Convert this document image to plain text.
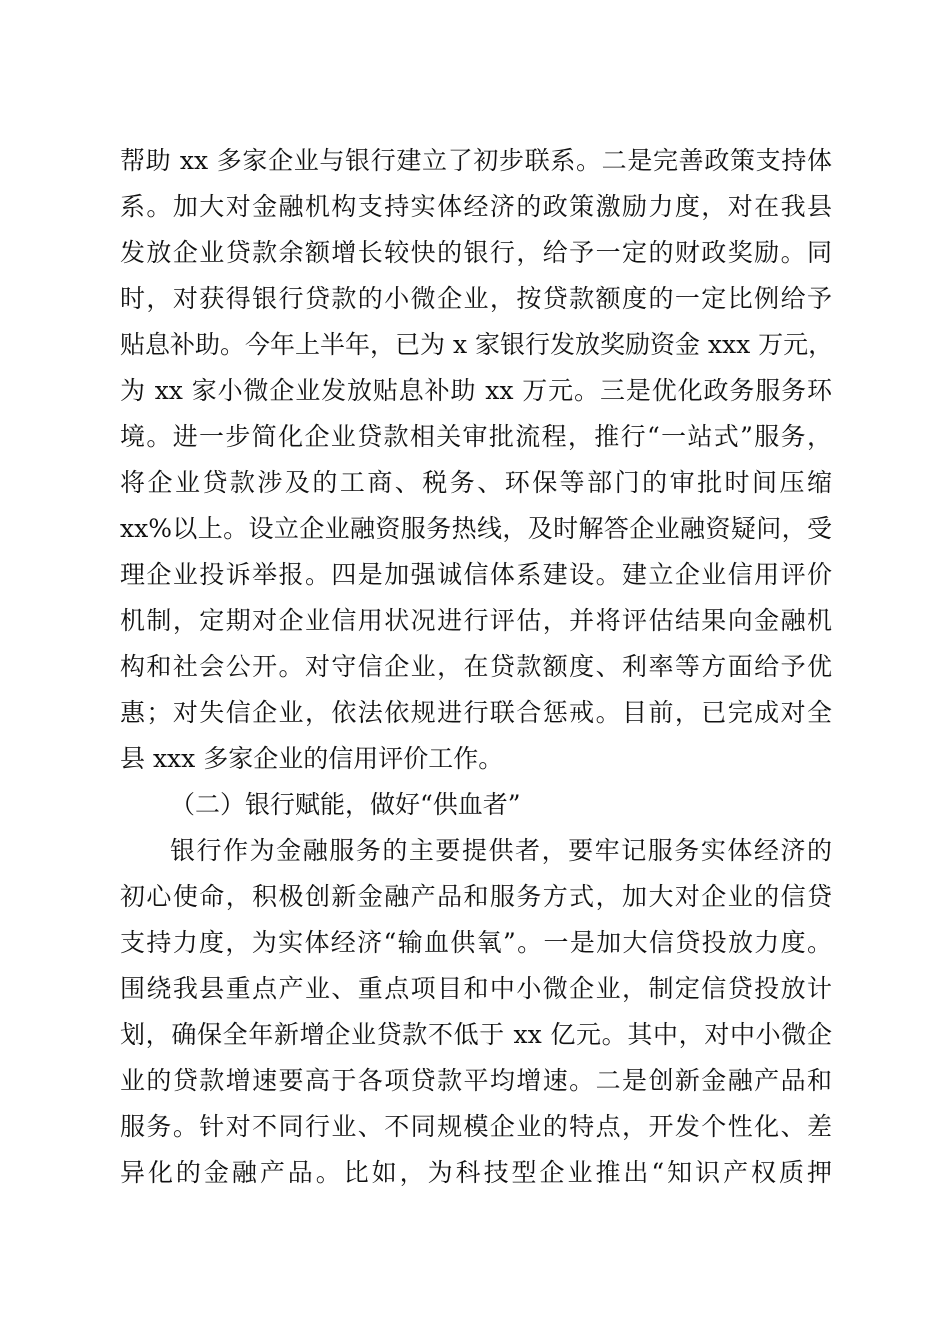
帮助 xx 多家企业与银行建立了初步联系。二是完善政策支持体
系。加大对金融机构支持实体经济的政策激励力度，对在我县
发放企业贷款余额增长较快的银行，给予一定的财政奖励。同
时，对获得银行贷款的小微企业，按贷款额度的一定比例给予
贴息补助。今年上半年，已为 x 家银行发放奖励资金 xxx 万元，
为 xx 家小微企业发放贴息补助 xx 万元。三是优化政务服务环
境。进一步简化企业贷款相关审批流程，推行“一站式”服务，
将企业贷款涉及的工商、税务、环保等部门的审批时间压缩
xx%以上。设立企业融资服务热线，及时解答企业融资疑问，受
理企业投诉举报。四是加强诚信体系建设。建立企业信用评价
机制，定期对企业信用状况进行评估，并将评估结果向金融机
构和社会公开。对守信企业，在贷款额度、利率等方面给予优
惠；对失信企业，依法依规进行联合惩戒。目前，已完成对全
县 xxx 多家企业的信用评价工作。
（二）银行赋能，做好“供血者”
银行作为金融服务的主要提供者，要牢记服务实体经济的
初心使命，积极创新金融产品和服务方式，加大对企业的信贷
支持力度，为实体经济“输血供氧”。一是加大信贷投放力度。
围绕我县重点产业、重点项目和中小微企业，制定信贷投放计
划，确保全年新增企业贷款不低于 xx 亿元。其中，对中小微企
业的贷款增速要高于各项贷款平均增速。二是创新金融产品和
服务。针对不同行业、不同规模企业的特点，开发个性化、差
异化的金融产品。比如，为科技型企业推出“知识产权质押
